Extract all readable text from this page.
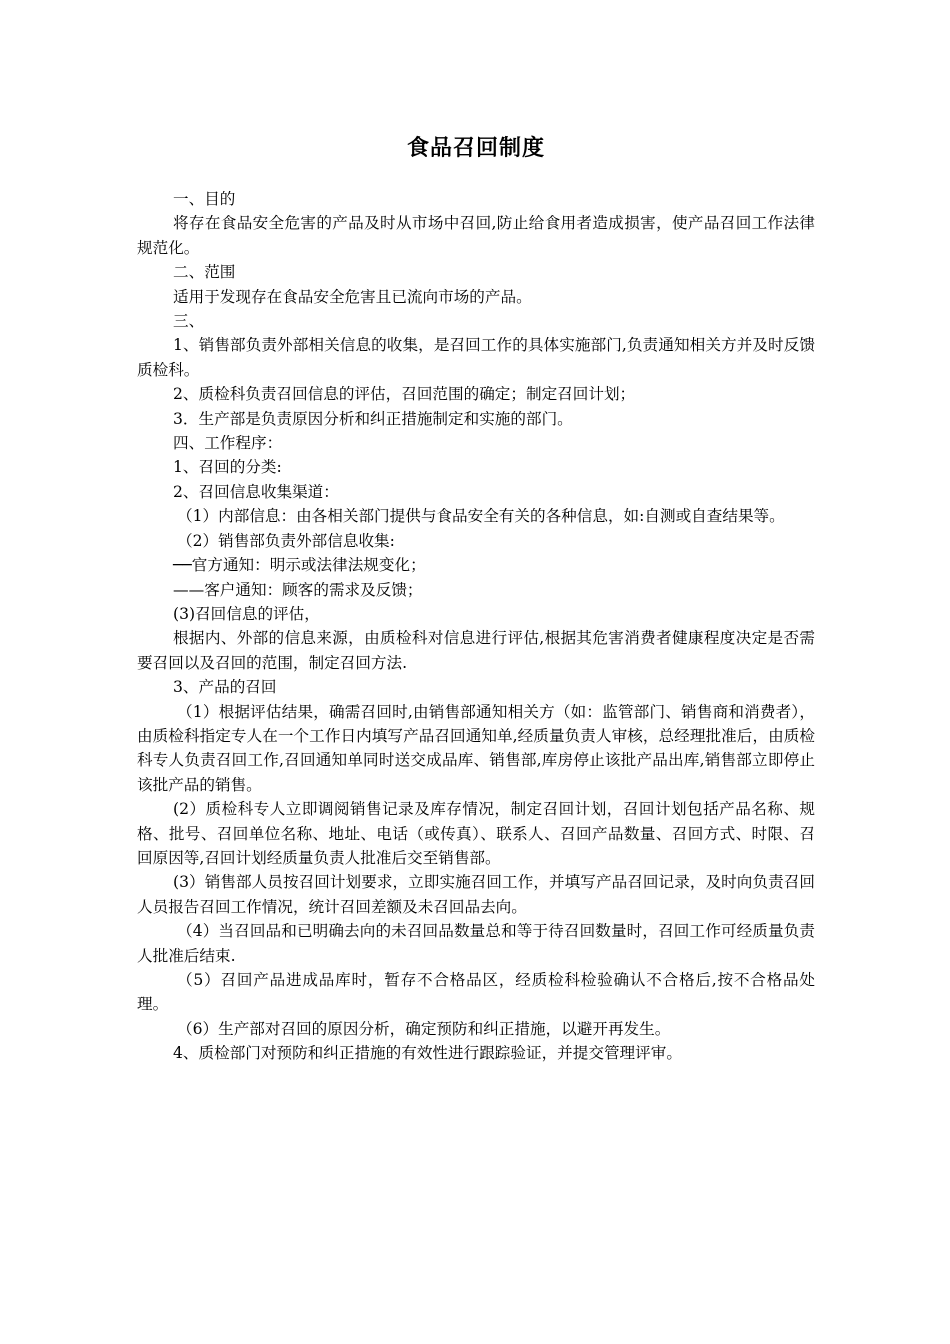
食品召回制度

一、目的

将存在食品安全危害的产品及时从市场中召回,防止给食用者造成损害，使产品召回工作法律规范化。

二、范围

适用于发现存在食品安全危害且已流向市场的产品。

三、

1、销售部负责外部相关信息的收集，是召回工作的具体实施部门,负责通知相关方并及时反馈质检科。

2、质检科负责召回信息的评估，召回范围的确定；制定召回计划；

3．生产部是负责原因分析和纠正措施制定和实施的部门。

四、工作程序：

1、召回的分类:

2、召回信息收集渠道：

（1）内部信息：由各相关部门提供与食品安全有关的各种信息，如:自测或自查结果等。

（2）销售部负责外部信息收集:

──官方通知：明示或法律法规变化；

——客户通知：顾客的需求及反馈；

(3)召回信息的评估，

根据内、外部的信息来源，由质检科对信息进行评估,根据其危害消费者健康程度决定是否需要召回以及召回的范围，制定召回方法.

3、产品的召回

（1）根据评估结果，确需召回时,由销售部通知相关方（如：监管部门、销售商和消费者），由质检科指定专人在一个工作日内填写产品召回通知单,经质量负责人审核，总经理批准后，由质检科专人负责召回工作,召回通知单同时送交成品库、销售部,库房停止该批产品出库,销售部立即停止该批产品的销售。

(2）质检科专人立即调阅销售记录及库存情况，制定召回计划，召回计划包括产品名称、规格、批号、召回单位名称、地址、电话（或传真）、联系人、召回产品数量、召回方式、时限、召回原因等,召回计划经质量负责人批准后交至销售部。

(3）销售部人员按召回计划要求，立即实施召回工作，并填写产品召回记录，及时向负责召回人员报告召回工作情况，统计召回差额及未召回品去向。

（4）当召回品和已明确去向的未召回品数量总和等于待召回数量时，召回工作可经质量负责人批准后结束.

（5）召回产品进成品库时，暂存不合格品区，经质检科检验确认不合格后,按不合格品处理。

（6）生产部对召回的原因分析，确定预防和纠正措施，以避开再发生。

4、质检部门对预防和纠正措施的有效性进行跟踪验证，并提交管理评审。
